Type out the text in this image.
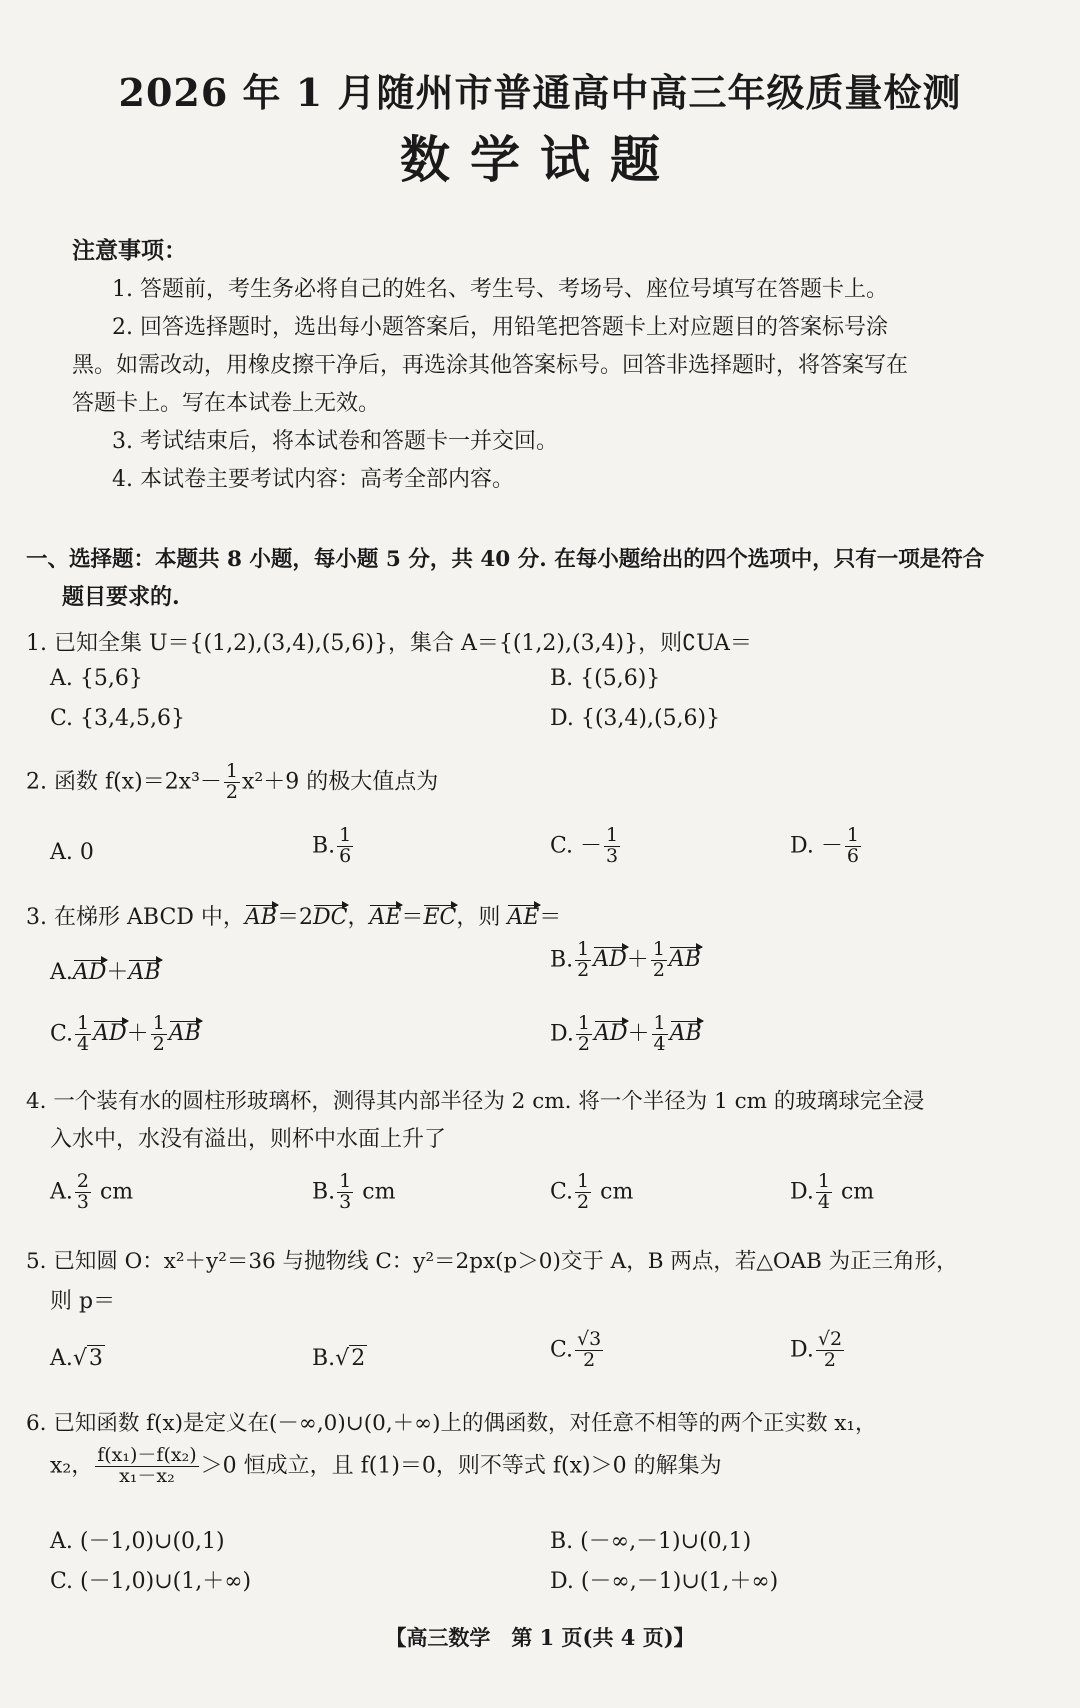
2026 年 1 月随州市普通高中高三年级质量检测
数学试题
注意事项：
1. 答题前，考生务必将自己的姓名、考生号、考场号、座位号填写在答题卡上。
2. 回答选择题时，选出每小题答案后，用铅笔把答题卡上对应题目的答案标号涂
黑。如需改动，用橡皮擦干净后，再选涂其他答案标号。回答非选择题时，将答案写在
答题卡上。写在本试卷上无效。
3. 考试结束后，将本试卷和答题卡一并交回。
4. 本试卷主要考试内容：高考全部内容。
一、选择题：本题共 8 小题，每小题 5 分，共 40 分. 在每小题给出的四个选项中，只有一项是符合
题目要求的.
1. 已知全集 U＝{(1,2),(3,4),(5,6)}，集合 A＝{(1,2),(3,4)}，则∁UA＝
A. {5,6}	B. {(5,6)}
C. {3,4,5,6}	D. {(3,4),(5,6)}
2. 函数 $f(x)=2x^3- \frac{1}{2} x^2+9$ 的极大值点为
A. 0	B. $\frac{1}{6}$	C. － $\frac{1}{3}$	D. － $\frac{1}{6}$
3. 在梯形 ABCD 中，AB＝2DC，AE＝EC，则 AE＝
A.AD＋AB
B. $\frac{1}{2} AD+ \frac{1}{2}$ AB
C. $\frac{1}{4} AD+ \frac{1}{2}$ AB	D. $\frac{1}{2} AD+ \frac{1}{4}$ AB
4. 一个装有水的圆柱形玻璃杯，测得其内部半径为 2 cm. 将一个半径为 1 cm 的玻璃球完全浸
入水中，水没有溢出，则杯中水面上升了
A. $\frac{2}{3}$ cm	B. $\frac{1}{3}$ cm	C. $\frac{1}{2}$ cm	D. $\frac{1}{4}$ cm
5. 已知圆 O：x²＋y²＝36 与抛物线 C：y²＝2px(p＞0)交于 A，B 两点，若△OAB 为正三角形，
则 p＝
A.√3	B.√2	C. $\frac{√3}{2}$	D. $\frac{√2}{2}$
6. 已知函数 f(x)是定义在(－∞,0)∪(0,＋∞)上的偶函数，对任意不相等的两个正实数 x₁，
x₂， $\frac{\text{f(x₁)－f(x₂)}}{\text{x₁－x₂}} >0$ 恒成立，且 f(1)＝0，则不等式 f(x)＞0 的解集为
A. (－1,0)∪(0,1)	B. (－∞,－1)∪(0,1)
C. (－1,0)∪(1,＋∞)	D. (－∞,－1)∪(1,＋∞)
【高三数学　第 1 页(共 4 页)】
